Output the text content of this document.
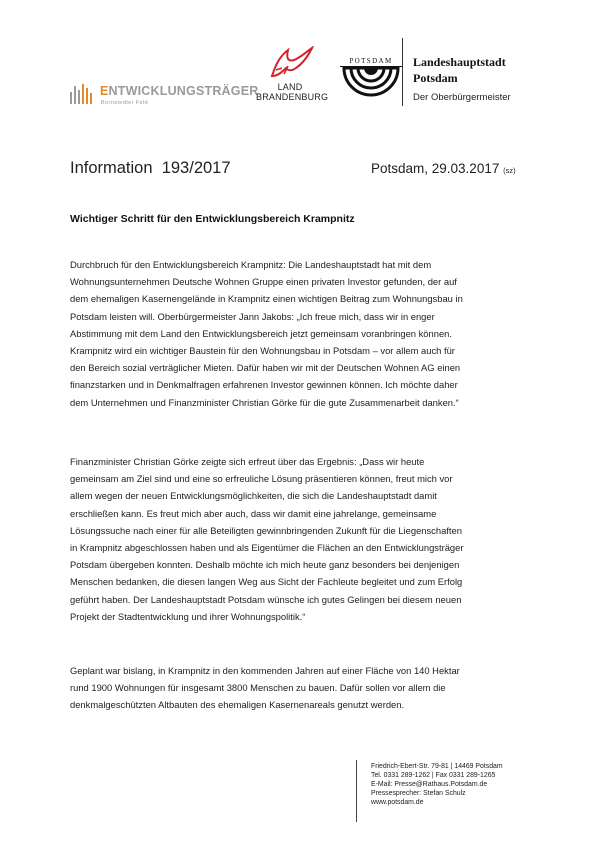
ENTWICKLUNGSTRÄGER
Bornstedter Feld
LAND
BRANDENBURG
POTSDAM Landeshauptstadt
Potsdam
Der Oberbürgermeister
Information  193/2017	Potsdam, 29.03.2017 (sz)
Wichtiger Schritt für den Entwicklungsbereich Krampnitz

Durchbruch für den Entwicklungsbereich Krampnitz: Die Landeshauptstadt hat mit dem
Wohnungsunternehmen Deutsche Wohnen Gruppe einen privaten Investor gefunden, der auf
dem ehemaligen Kasernengelände in Krampnitz einen wichtigen Beitrag zum Wohnungsbau in
Potsdam leisten will. Oberbürgermeister Jann Jakobs: „Ich freue mich, dass wir in enger
Abstimmung mit dem Land den Entwicklungsbereich jetzt gemeinsam voranbringen können.
Krampnitz wird ein wichtiger Baustein für den Wohnungsbau in Potsdam – vor allem auch für
den Bereich sozial verträglicher Mieten. Dafür haben wir mit der Deutschen Wohnen AG einen
finanzstarken und in Denkmalfragen erfahrenen Investor gewinnen können. Ich möchte daher
dem Unternehmen und Finanzminister Christian Görke für die gute Zusammenarbeit danken.“

Finanzminister Christian Görke zeigte sich erfreut über das Ergebnis: „Dass wir heute
gemeinsam am Ziel sind und eine so erfreuliche Lösung präsentieren können, freut mich vor
allem wegen der neuen Entwicklungsmöglichkeiten, die sich die Landeshauptstadt damit
erschließen kann. Es freut mich aber auch, dass wir damit eine jahrelange, gemeinsame
Lösungssuche nach einer für alle Beteiligten gewinnbringenden Zukunft für die Liegenschaften
in Krampnitz abgeschlossen haben und als Eigentümer die Flächen an den Entwicklungsträger
Potsdam übergeben konnten. Deshalb möchte ich mich heute ganz besonders bei denjenigen
Menschen bedanken, die diesen langen Weg aus Sicht der Fachleute begleitet und zum Erfolg
geführt haben. Der Landeshauptstadt Potsdam wünsche ich gutes Gelingen bei diesem neuen
Projekt der Stadtentwicklung und ihrer Wohnungspolitik.“

Geplant war bislang, in Krampnitz in den kommenden Jahren auf einer Fläche von 140 Hektar
rund 1900 Wohnungen für insgesamt 3800 Menschen zu bauen. Dafür sollen vor allem die
denkmalgeschützten Altbauten des ehemaligen Kasernenareals genutzt werden.

Friedrich-Ebert-Str. 79-81 | 14469 Potsdam
Tel. 0331 289-1262 | Fax 0331 289-1265
E-Mail: Presse@Rathaus.Potsdam.de
Pressesprecher: Stefan Schulz
www.potsdam.de
